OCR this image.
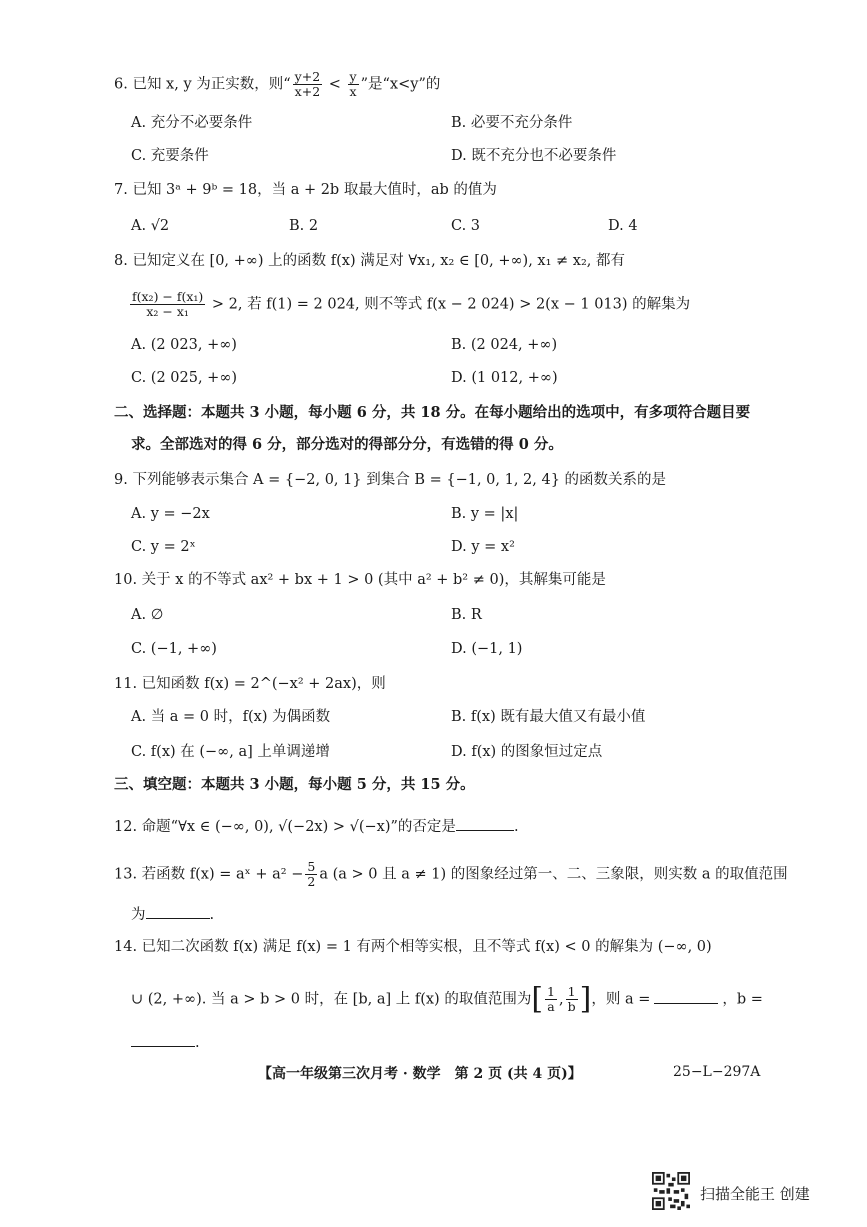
6. 已知 x, y 为正实数，则“ $\frac{y+2}{x+2} < \frac{y}{x}$ ”是“x<y”的
A. 充分不必要条件	B. 必要不充分条件
C. 充要条件	D. 既不充分也不必要条件
7. 已知 3ᵃ + 9ᵇ = 18，当 a + 2b 取最大值时，ab 的值为
A. √2	B. 2	C. 3	D. 4
8. 已知定义在 [0, +∞) 上的函数 f(x) 满足对 ∀x₁, x₂ ∈ [0, +∞), x₁ ≠ x₂, 都有
$\frac{\text{f(x₂) − f(x₁)}}{\text{x₂ − x₁}} > 2$, 若 f(1) = 2 024, 则不等式 f(x − 2 024) > 2(x − 1 013) 的解集为
A. (2 023, +∞)	B. (2 024, +∞)
C. (2 025, +∞)	D. (1 012, +∞)
二、选择题：本题共 3 小题，每小题 6 分，共 18 分。在每小题给出的选项中，有多项符合题目要
求。全部选对的得 6 分，部分选对的得部分分，有选错的得 0 分。
9. 下列能够表示集合 A = {−2, 0, 1} 到集合 B = {−1, 0, 1, 2, 4} 的函数关系的是
A. y = −2x	B. y = |x|
C. y = 2ˣ	D. y = x²
10. 关于 x 的不等式 ax² + bx + 1 > 0 (其中 a² + b² ≠ 0)，其解集可能是
A. ∅	B. R
C. (−1, +∞)	D. (−1, 1)
11. 已知函数 f(x) = 2^(−x² + 2ax)，则
A. 当 a = 0 时，f(x) 为偶函数	B. f(x) 既有最大值又有最小值
C. f(x) 在 (−∞, a] 上单调递增	D. f(x) 的图象恒过定点
三、填空题：本题共 3 小题，每小题 5 分，共 15 分。
12. 命题“∀x ∈ (−∞, 0), √(−2x) > √(−x)”的否定是	.
13. 若函数 f(x) = aˣ + $a^2 - \frac{5}{2}$ a (a > 0 且 a ≠ 1) 的图象经过第一、二、三象限，则实数 a 的取值范围
为	.
14. 已知二次函数 f(x) 满足 f(x) = 1 有两个相等实根，且不等式 f(x) < 0 的解集为 (−∞, 0)
∪ (2, +∞). 当 a > b > 0 时，在 [b, a] 上 f(x) 的取值范围为[ $\frac{1}{a}$ , $\frac{1}{b}$ ]，则 a =	，b =
.
【高一年级第三次月考 · 数学　第 2 页 (共 4 页)】	25−L−297A
扫描全能王 创建
